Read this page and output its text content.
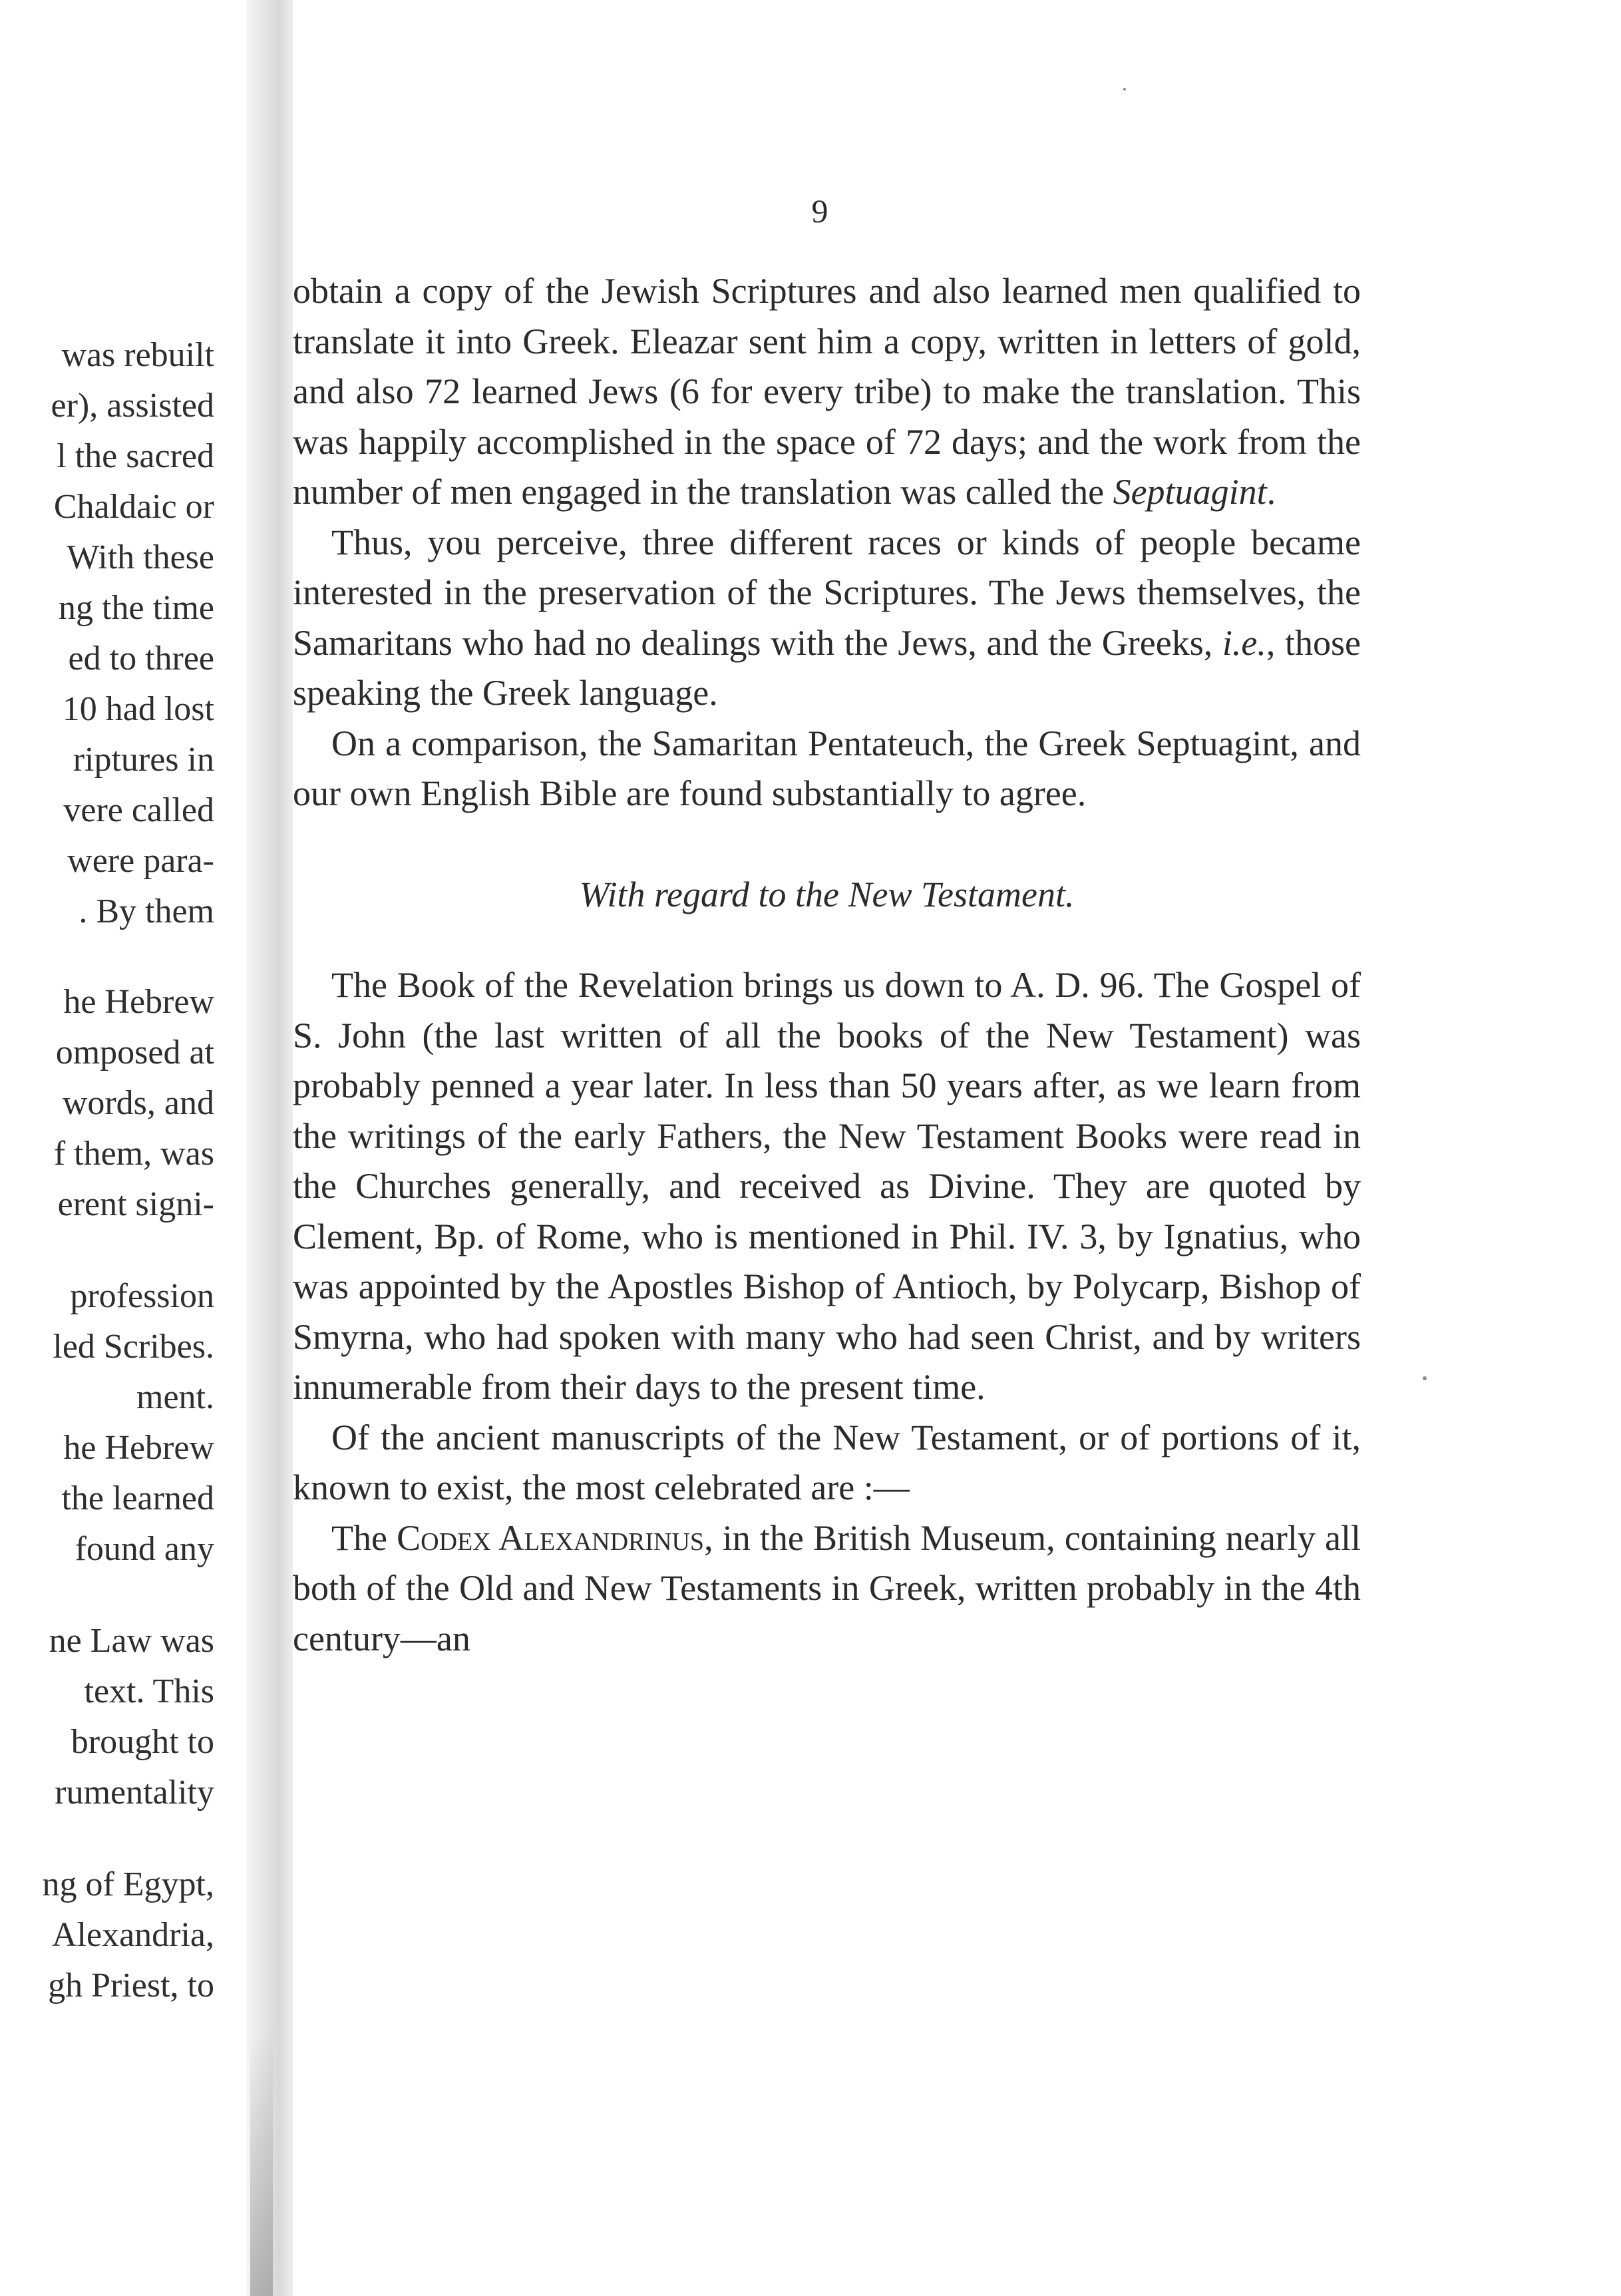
was rebuilt
er), assisted
l the sacred
Chaldaic or
With these
ng the time
ed to three
10 had lost
riptures in
vere called
were para-
. By them
he Hebrew
omposed at
words, and
f them, was
erent signi-
profession
led Scribes.
ment.
he Hebrew
the learned
found any
ne Law was
text. This
brought to
rumentality
ng of Egypt,
Alexandria,
gh Priest, to
9

obtain a copy of the Jewish Scriptures and also learned men qualified to translate it into Greek. Eleazar sent him a copy, written in letters of gold, and also 72 learned Jews (6 for every tribe) to make the translation. This was happily accomplished in the space of 72 days; and the work from the number of men engaged in the translation was called the Septuagint.

Thus, you perceive, three different races or kinds of people became interested in the preservation of the Scriptures. The Jews themselves, the Samaritans who had no dealings with the Jews, and the Greeks, i.e., those speaking the Greek language.

On a comparison, the Samaritan Pentateuch, the Greek Septuagint, and our own English Bible are found substantially to agree.

With regard to the New Testament.

The Book of the Revelation brings us down to A. D. 96. The Gospel of S. John (the last written of all the books of the New Testament) was probably penned a year later. In less than 50 years after, as we learn from the writings of the early Fathers, the New Testament Books were read in the Churches generally, and received as Divine. They are quoted by Clement, Bp. of Rome, who is mentioned in Phil. IV. 3, by Ignatius, who was appointed by the Apostles Bishop of Antioch, by Polycarp, Bishop of Smyrna, who had spoken with many who had seen Christ, and by writers innumerable from their days to the present time.

Of the ancient manuscripts of the New Testament, or of portions of it, known to exist, the most celebrated are :—

The Codex Alexandrinus, in the British Museum, containing nearly all both of the Old and New Testaments in Greek, written probably in the 4th century—an
